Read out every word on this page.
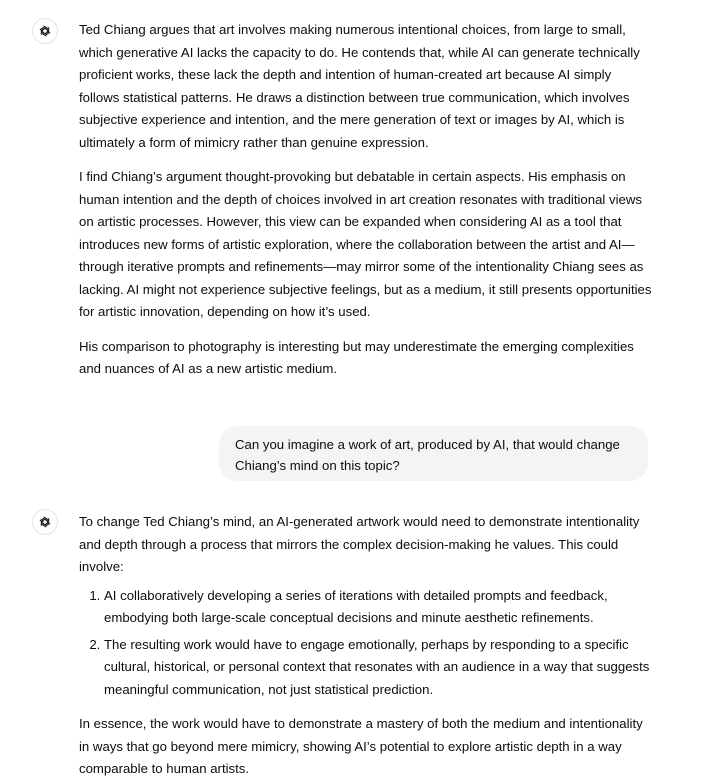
Ted Chiang argues that art involves making numerous intentional choices, from large to small, which generative AI lacks the capacity to do. He contends that, while AI can generate technically proficient works, these lack the depth and intention of human-created art because AI simply follows statistical patterns. He draws a distinction between true communication, which involves subjective experience and intention, and the mere generation of text or images by AI, which is ultimately a form of mimicry rather than genuine expression.

I find Chiang’s argument thought-provoking but debatable in certain aspects. His emphasis on human intention and the depth of choices involved in art creation resonates with traditional views on artistic processes. However, this view can be expanded when considering AI as a tool that introduces new forms of artistic exploration, where the collaboration between the artist and AI—through iterative prompts and refinements—may mirror some of the intentionality Chiang sees as lacking. AI might not experience subjective feelings, but as a medium, it still presents opportunities for artistic innovation, depending on how it’s used.

His comparison to photography is interesting but may underestimate the emerging complexities and nuances of AI as a new artistic medium.

Can you imagine a work of art, produced by AI, that would change Chiang’s mind on this topic?

To change Ted Chiang’s mind, an AI-generated artwork would need to demonstrate intentionality and depth through a process that mirrors the complex decision-making he values. This could involve:

1. AI collaboratively developing a series of iterations with detailed prompts and feedback, embodying both large-scale conceptual decisions and minute aesthetic refinements.
2. The resulting work would have to engage emotionally, perhaps by responding to a specific cultural, historical, or personal context that resonates with an audience in a way that suggests meaningful communication, not just statistical prediction.

In essence, the work would have to demonstrate a mastery of both the medium and intentionality in ways that go beyond mere mimicry, showing AI’s potential to explore artistic depth in a way comparable to human artists.
